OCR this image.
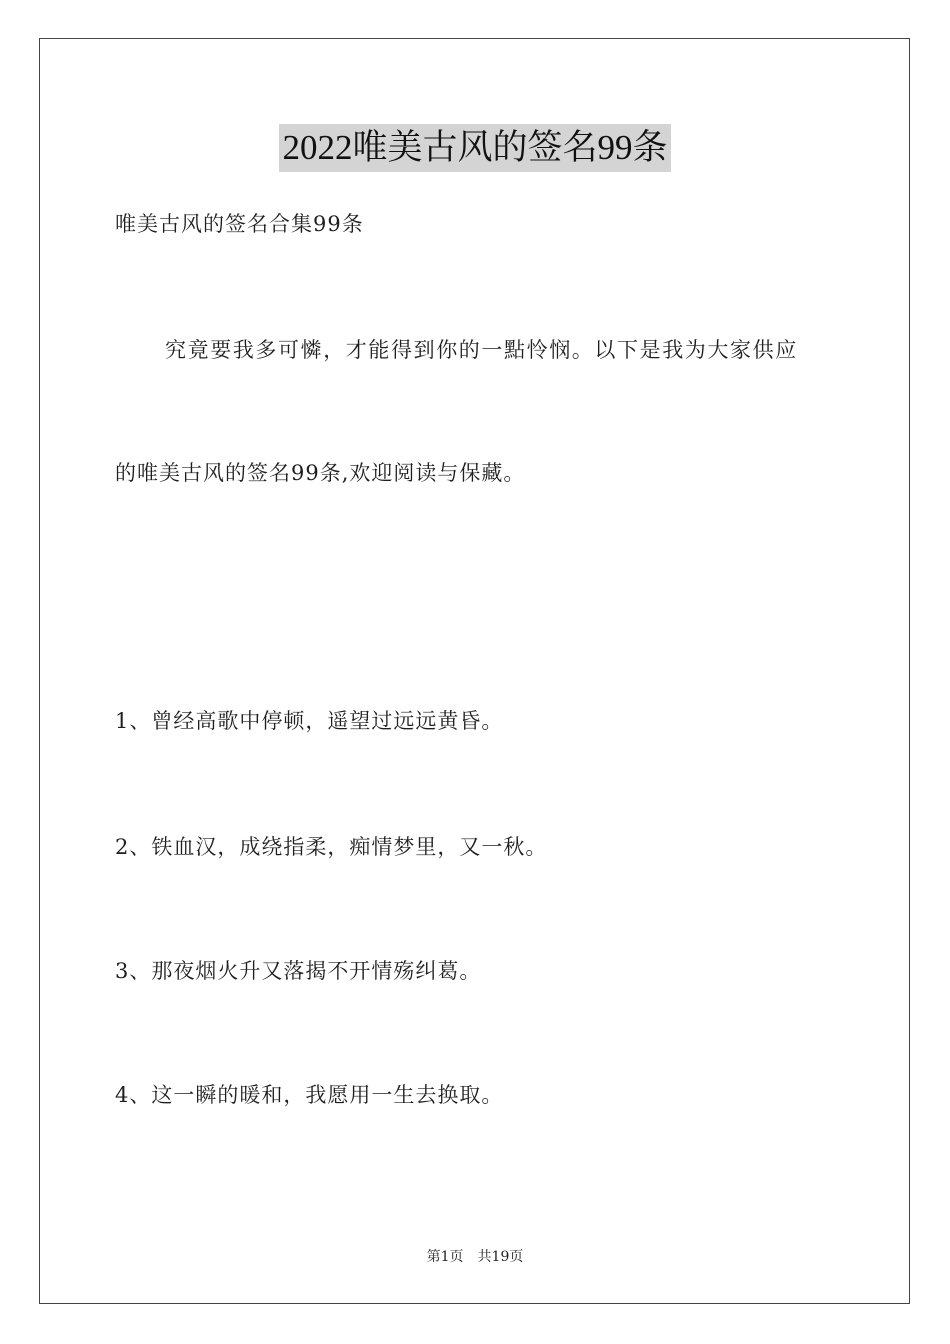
2022唯美古风的签名99条
唯美古风的签名合集99条
究竟要我多可憐，才能得到你的一點怜悯。以下是我为大家供应
的唯美古风的签名99条,欢迎阅读与保藏。
1、曾经高歌中停顿，遥望过远远黄昏。
2、铁血汉，成绕指柔，痴情梦里，又一秋。
3、那夜烟火升又落揭不开情殇纠葛。
4、这一瞬的暖和，我愿用一生去换取。
第1页　共19页
